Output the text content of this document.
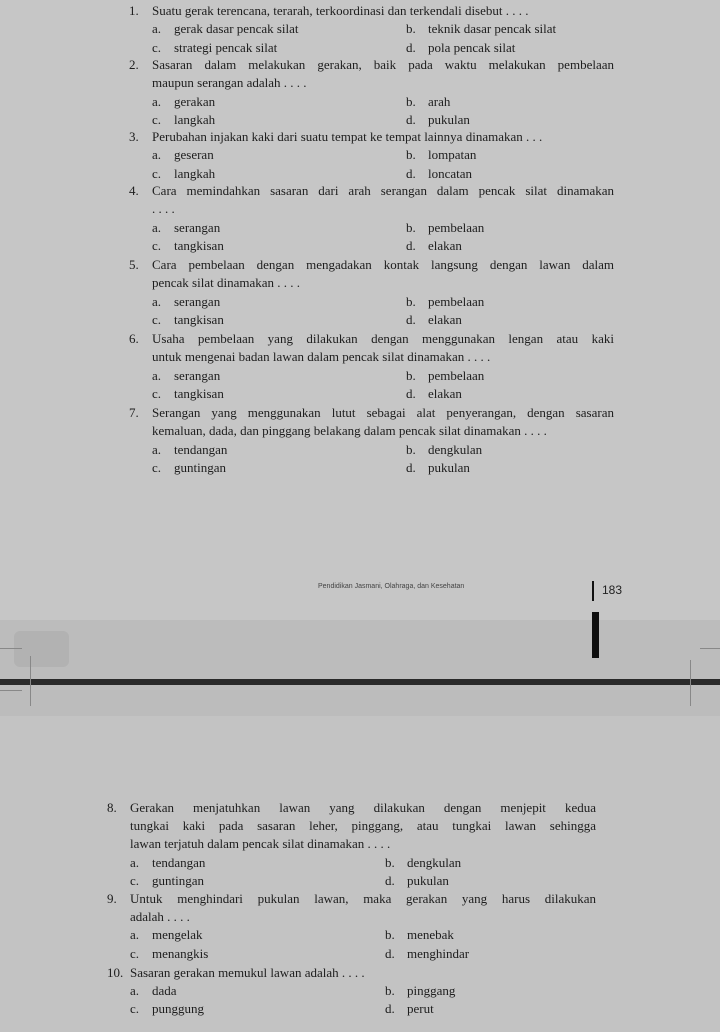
1. Suatu gerak terencana, terarah, terkoordinasi dan terkendali disebut . . . .
a. gerak dasar pencak silat	b. teknik dasar pencak silat
c. strategi pencak silat	d. pola pencak silat
2. Sasaran dalam melakukan gerakan, baik pada waktu melakukan pembelaan
maupun serangan adalah . . . .
a. gerakan	b. arah
c. langkah	d. pukulan
3. Perubahan injakan kaki dari suatu tempat ke tempat lainnya dinamakan . . .
a. geseran	b. lompatan
c. langkah	d. loncatan
4. Cara memindahkan sasaran dari arah serangan dalam pencak silat dinamakan
. . . .
a. serangan	b. pembelaan
c. tangkisan	d. elakan
5. Cara pembelaan dengan mengadakan kontak langsung dengan lawan dalam
pencak silat dinamakan . . . .
a. serangan	b. pembelaan
c. tangkisan	d. elakan
6. Usaha pembelaan yang dilakukan dengan menggunakan lengan atau kaki
untuk mengenai badan lawan dalam pencak silat dinamakan . . . .
a. serangan	b. pembelaan
c. tangkisan	d. elakan
7. Serangan yang menggunakan lutut sebagai alat penyerangan, dengan sasaran
kemaluan, dada, dan pinggang belakang dalam pencak silat dinamakan . . . .
a. tendangan	b. dengkulan
c. guntingan	d. pukulan
Pendidikan Jasmani, Olahraga, dan Kesehatan	183
8. Gerakan menjatuhkan lawan yang dilakukan dengan menjepit kedua
tungkai kaki pada sasaran leher, pinggang, atau tungkai lawan sehingga
lawan terjatuh dalam pencak silat dinamakan . . . .
a. tendangan	b. dengkulan
c. guntingan	d. pukulan
9. Untuk menghindari pukulan lawan, maka gerakan yang harus dilakukan
adalah . . . .
a. mengelak	b. menebak
c. menangkis	d. menghindar
10. Sasaran gerakan memukul lawan adalah . . . .
a. dada	b. pinggang
c. punggung	d. perut
